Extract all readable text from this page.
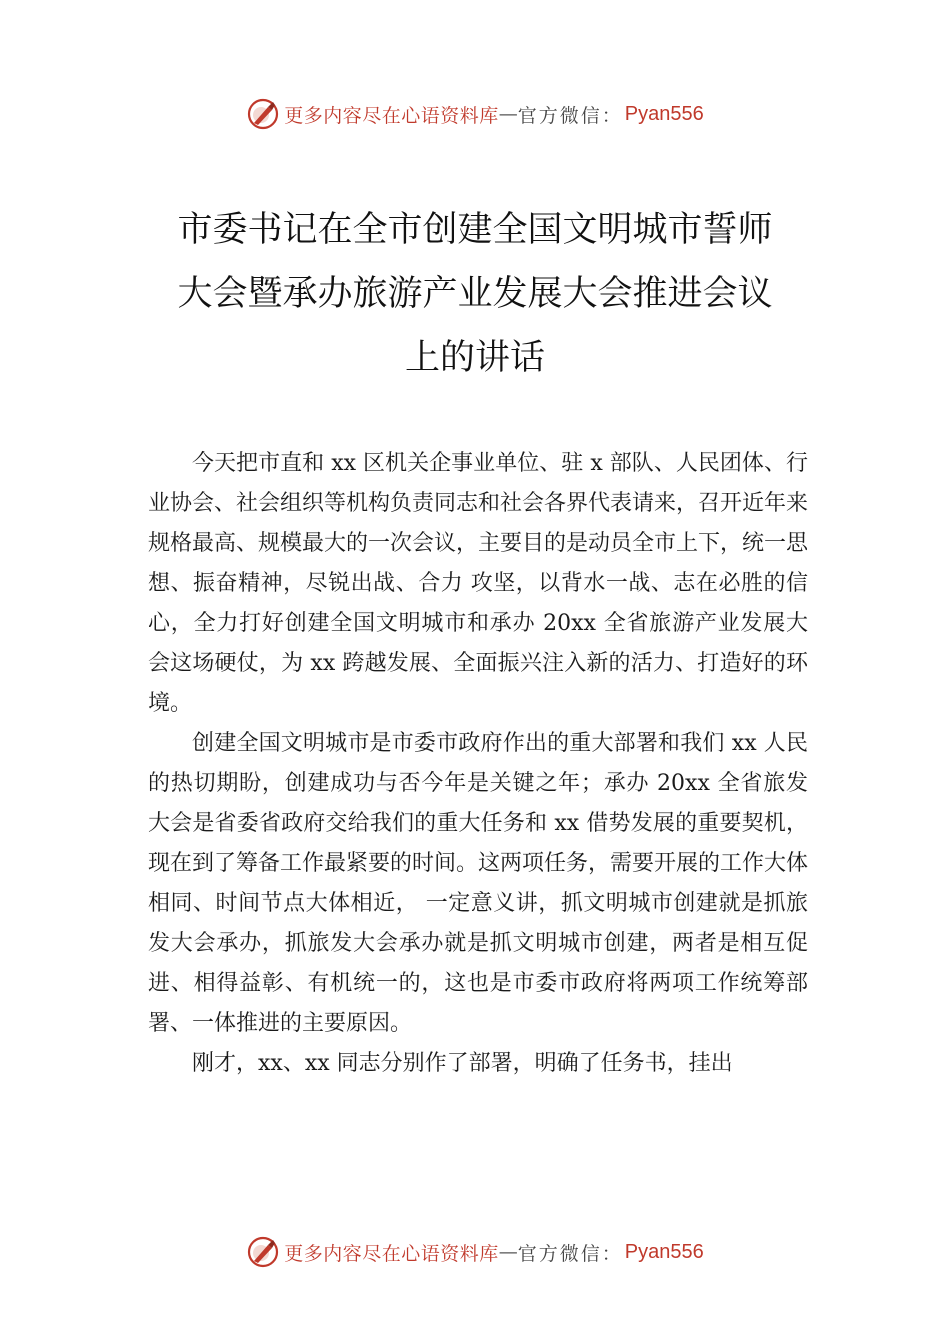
更多内容尽在心语资料库 — 官方微信： Pyan556
市委书记在全市创建全国文明城市誓师
大会暨承办旅游产业发展大会推进会议
上的讲话

今天把市直和 xx 区机关企事业单位、驻 x 部队、人民团体、行业协会、社会组织等机构负责同志和社会各界代表请来，召开近年来规格最高、规模最大的一次会议，主要目的是动员全市上下，统一思想、振奋精神，尽锐出战、合力 攻坚，以背水一战、志在必胜的信心，全力打好创建全国文明城市和承办 20xx 全省旅游产业发展大会这场硬仗，为 xx 跨越发展、全面振兴注入新的活力、打造好的环境。

创建全国文明城市是市委市政府作出的重大部署和我们 xx 人民的热切期盼，创建成功与否今年是关键之年；承办 20xx 全省旅发大会是省委省政府交给我们的重大任务和 xx 借势发展的重要契机，现在到了筹备工作最紧要的时间。这两项任务，需要开展的工作大体相同、时间节点大体相近， 一定意义讲，抓文明城市创建就是抓旅发大会承办，抓旅发大会承办就是抓文明城市创建，两者是相互促进、相得益彰、有机统一的，这也是市委市政府将两项工作统筹部署、一体推进的主要原因。

刚才，xx、xx 同志分别作了部署，明确了任务书，挂出

更多内容尽在心语资料库 — 官方微信： Pyan556
